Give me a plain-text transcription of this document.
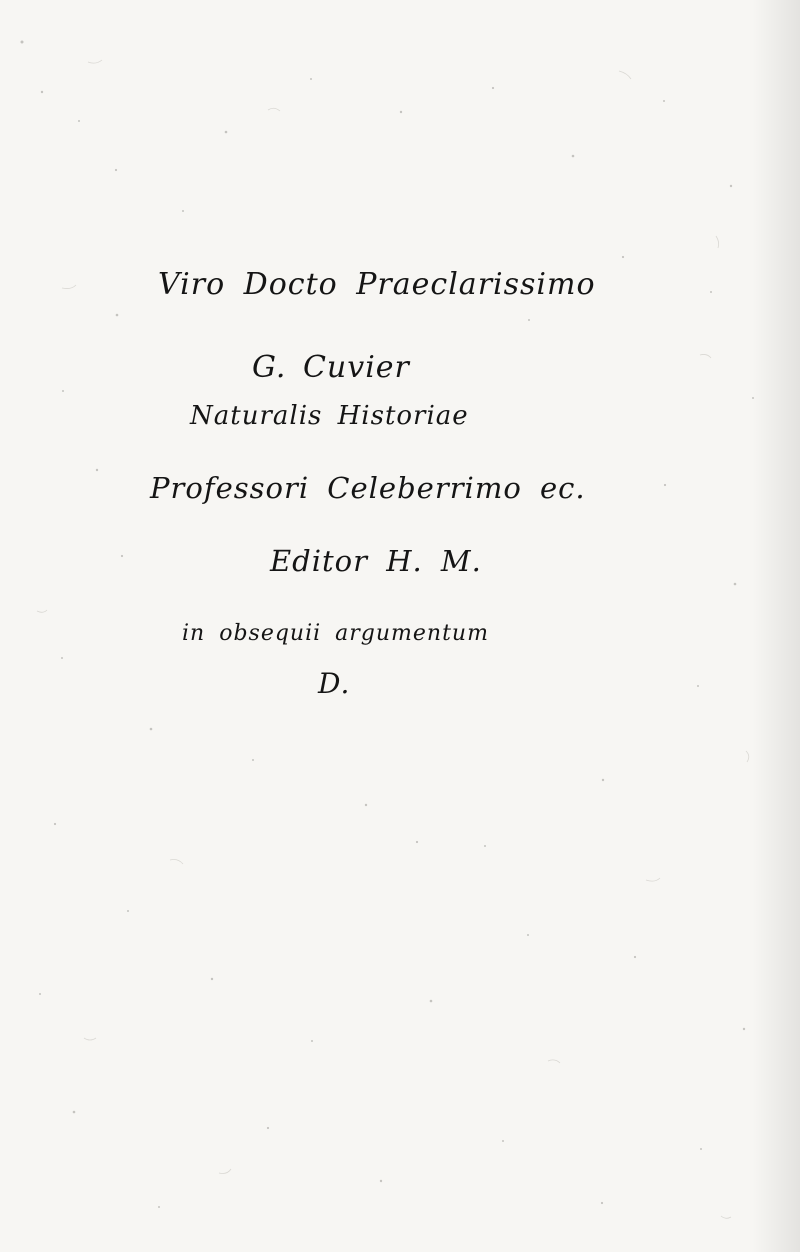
Viro Docto Praeclarissimo

G. Cuvier

Naturalis Historiae

Professori Celeberrimo ec.

Editor H. M.

in obsequii argumentum

D.
